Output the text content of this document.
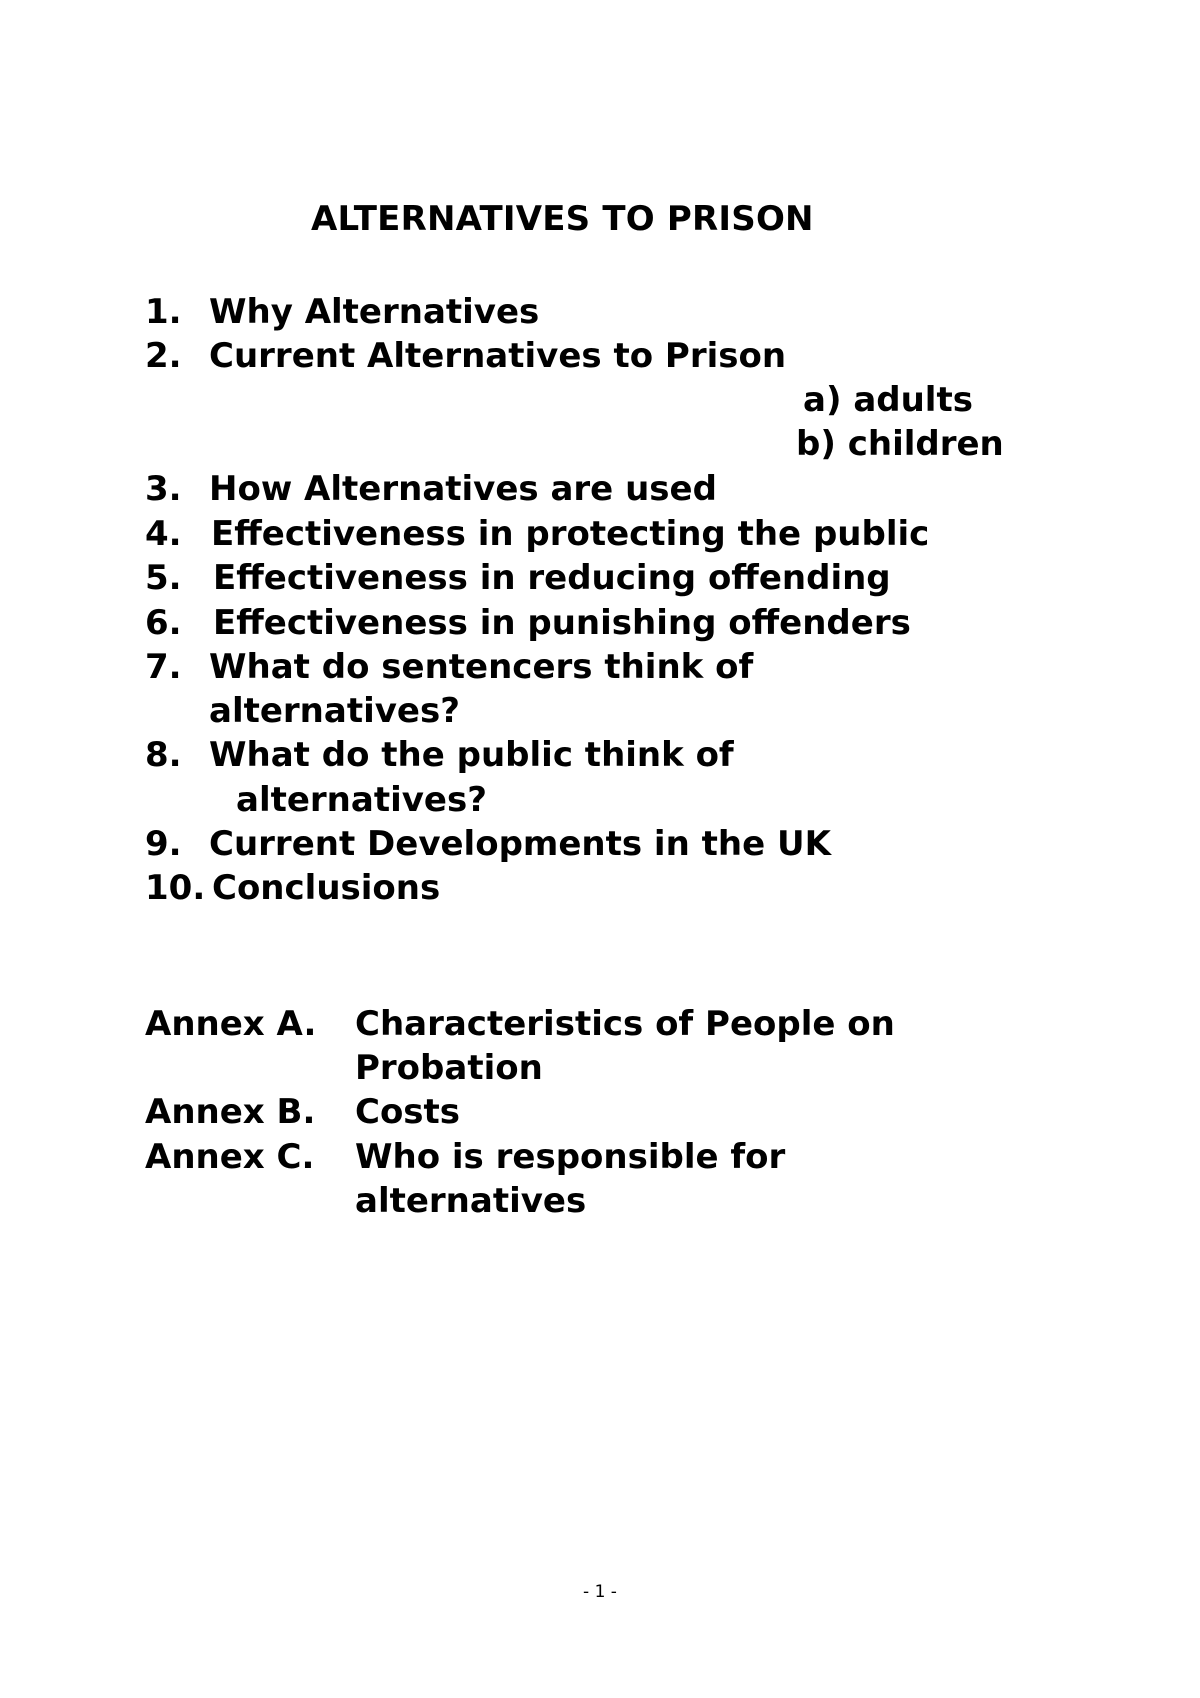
ALTERNATIVES TO PRISON
1. Why Alternatives
2. Current Alternatives to Prison
a) adults
b) children
3. How Alternatives are used
4. Effectiveness in protecting the public
5. Effectiveness in reducing offending
6. Effectiveness in punishing offenders
7. What do sentencers think of
alternatives?
8. What do the public think of
alternatives?
9. Current Developments in the UK
10. Conclusions
Annex A. Characteristics of People on
Probation
Annex B. Costs
Annex C. Who is responsible for
alternatives
- 1 -
